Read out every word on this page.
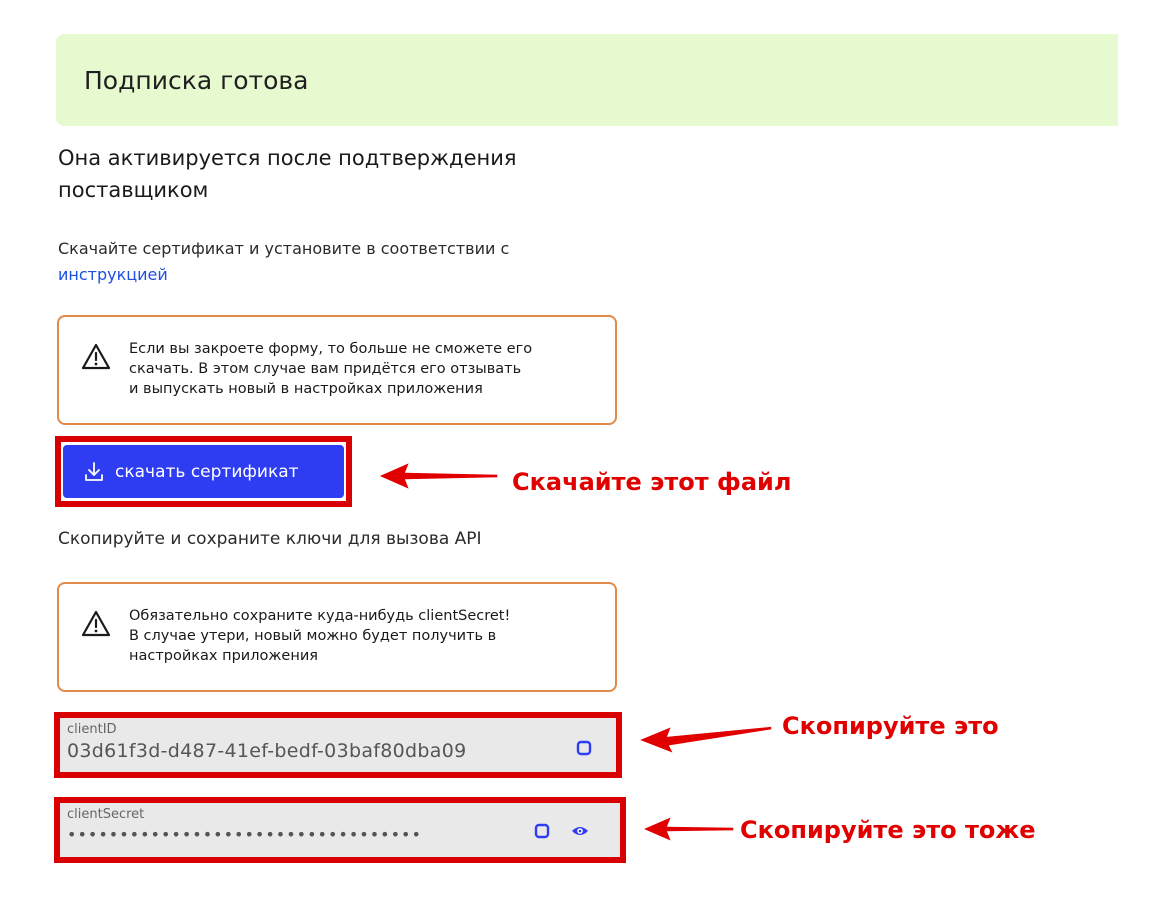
Подписка готова
Она активируется после подтверждения поставщиком
Скачайте сертификат и установите в соответствии с
инструкцией
Если вы закроете форму, то больше не сможете его
скачать. В этом случае вам придётся его отзывать
и выпускать новый в настройках приложения
скачать сертификат	Скачайте этот файл
Скопируйте и сохраните ключи для вызова API
Обязательно сохраните куда-нибудь clientSecret!
В случае утери, новый можно будет получить в
настройках приложения
clientID
03d61f3d-d487-41ef-bedf-03baf80dba09
Скопируйте это
clientSecret
••••••••••••••••••••••••••••••••••	Скопируйте это тоже
